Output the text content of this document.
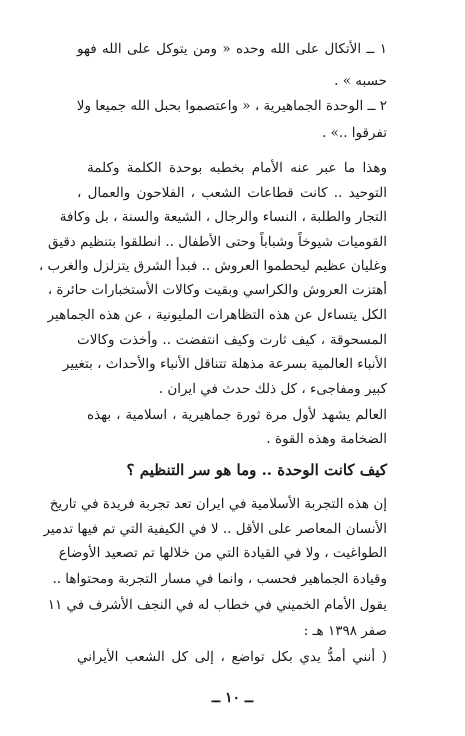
١ ــ الأتكال على الله وحده « ومن يتوكل على الله فهو
حسبه » .
٢ ــ الوحدة الجماهيرية ، « واعتصموا بحبل الله جميعا ولا
تفرقوا ..» .
وهذا ما عبر عنه الأمام بخطبه بوحدة الكلمة وكلمة
التوحيد .. كانت قطاعات الشعب ، الفلاحون والعمال ،
التجار والطلبة ، النساء والرجال ، الشيعة والسنة ، بل وكافة
القوميات شيوخاً وشباباً وحتى الأطفال .. انطلقوا بتنظيم دقيق
وغليان عظيم ليحطموا العروش .. فبدأ الشرق يتزلزل والغرب ،
أهتزت العروش والكراسي وبقيت وكالات الأستخبارات حائرة ،
الكل يتساءل عن هذه التظاهرات المليونية ، عن هذه الجماهير
المسحوقة ، كيف ثارت وكيف انتفضت .. وأخذت وكالات
الأنباء العالمية بسرعة مذهلة تتناقل الأنباء والأحداث ، بتغيير
كبير ومفاجىء ، كل ذلك حدث في ايران .
العالم يشهد لأول مرة ثورة جماهيرية ، اسلامية ، بهذه
الضخامة وهذه القوة .
كيف كانت الوحدة .. وما هو سر التنظيم ؟
إن هذه التجربة الأسلامية في ايران تعد تجربة فريدة في تاريخ
الأنسان المعاصر على الأقل .. لا في الكيفية التي تم فيها تدمير
الطواغيت ، ولا في القيادة التي من خلالها تم تصعيد الأوضاع
وقيادة الجماهير فحسب ، وانما في مسار التجربة ومحتواها ..
يقول الأمام الخميني في خطاب له في النجف الأشرف في ١١
صفر ١٣٩٨ هـ :
( أنني أمدُّ يدي بكل تواضع ، إلى كل الشعب الأيراني
ــ ١٠ ــ
